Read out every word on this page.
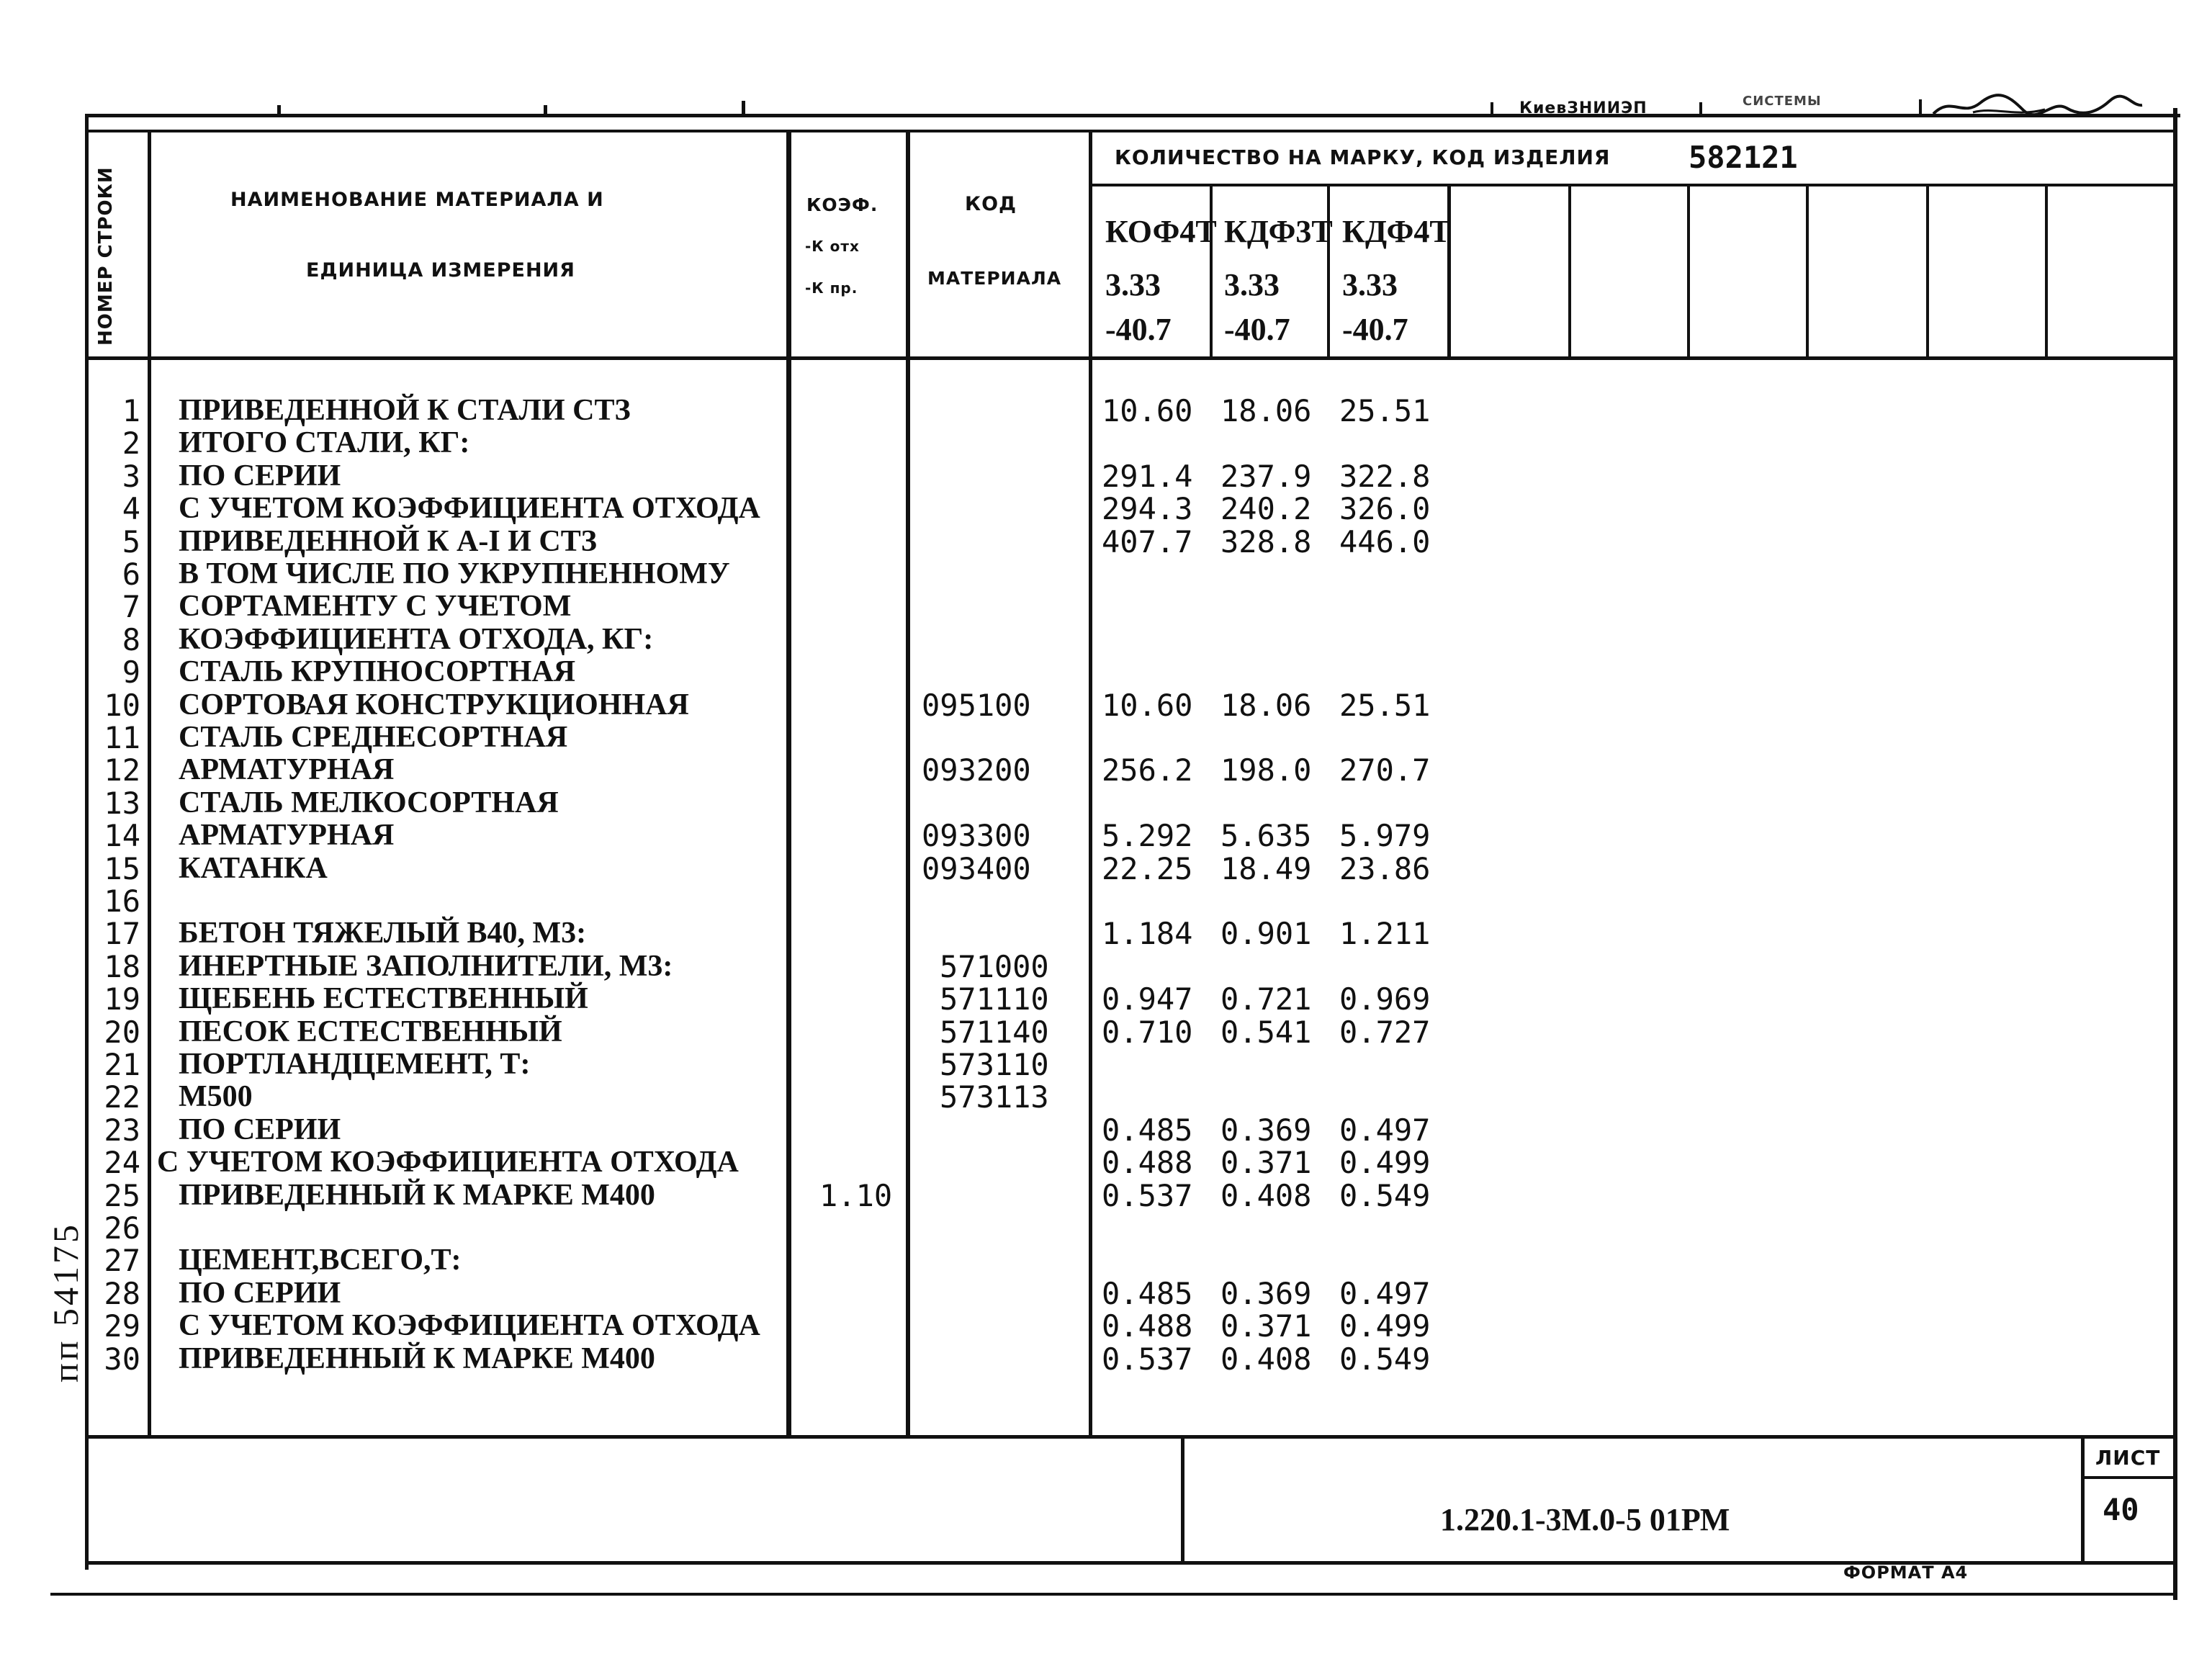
КиевЗНИИЭП	СИСТЕМЫ
НОМЕР СТРОКИ	НАИМЕНОВАНИЕ МАТЕРИАЛА И
ЕДИНИЦА ИЗМЕРЕНИЯ
КОЭФ.
-К отх
-К пр.
КОД
МАТЕРИАЛА
КОЛИЧЕСТВО НА МАРКУ, КОД ИЗДЕЛИЯ	582121
КОФ4Т
3.33
-40.7
КДФ3Т
3.33
-40.7
КДФ4Т
3.33
-40.7
1 ПРИВЕДЕННОЙ К СТАЛИ СТЗ	10.60 18.06 25.51
2 ИТОГО СТАЛИ, КГ:
3 ПО СЕРИИ	291.4 237.9 322.8
4 С УЧЕТОМ КОЭФФИЦИЕНТА ОТХОДА	294.3 240.2 326.0
5 ПРИВЕДЕННОЙ К А-I И СТЗ	407.7 328.8 446.0
6 В ТОМ ЧИСЛЕ ПО УКРУПНЕННОМУ
7 СОРТАМЕНТУ С УЧЕТОМ
8 КОЭФФИЦИЕНТА ОТХОДА, КГ:
9 СТАЛЬ КРУПНОСОРТНАЯ
10 СОРТОВАЯ КОНСТРУКЦИОННАЯ	095100 10.60 18.06 25.51
11 СТАЛЬ СРЕДНЕСОРТНАЯ
12 АРМАТУРНАЯ	093200 256.2 198.0 270.7
13 СТАЛЬ МЕЛКОСОРТНАЯ
14 АРМАТУРНАЯ	093300 5.292 5.635 5.979
15 КАТАНКА	093400 22.25 18.49 23.86
16
17 БЕТОН ТЯЖЕЛЫЙ В40, М3:	1.184 0.901 1.211
18 ИНЕРТНЫЕ ЗАПОЛНИТЕЛИ, М3:	571000
19 ЩЕБЕНЬ ЕСТЕСТВЕННЫЙ	571110 0.947 0.721 0.969
20 ПЕСОК ЕСТЕСТВЕННЫЙ	571140 0.710 0.541 0.727
21 ПОРТЛАНДЦЕМЕНТ, Т:	573110
22 М500	573113
23 ПО СЕРИИ	0.485 0.369 0.497
24 С УЧЕТОМ КОЭФФИЦИЕНТА ОТХОДА	0.488 0.371 0.499
25 ПРИВЕДЕННЫЙ К МАРКЕ М400	1.10	0.537 0.408 0.549
26
27 ЦЕМЕНТ,ВСЕГО,Т:
28 ПО СЕРИИ	0.485 0.369 0.497
29 С УЧЕТОМ КОЭФФИЦИЕНТА ОТХОДА	0.488 0.371 0.499
30 ПРИВЕДЕННЫЙ К МАРКЕ М400	0.537 0.408 0.549
ЛИСТ
40
1.220.1-3М.0-5 01РМ
ФОРМАТ А4
пп 54175
